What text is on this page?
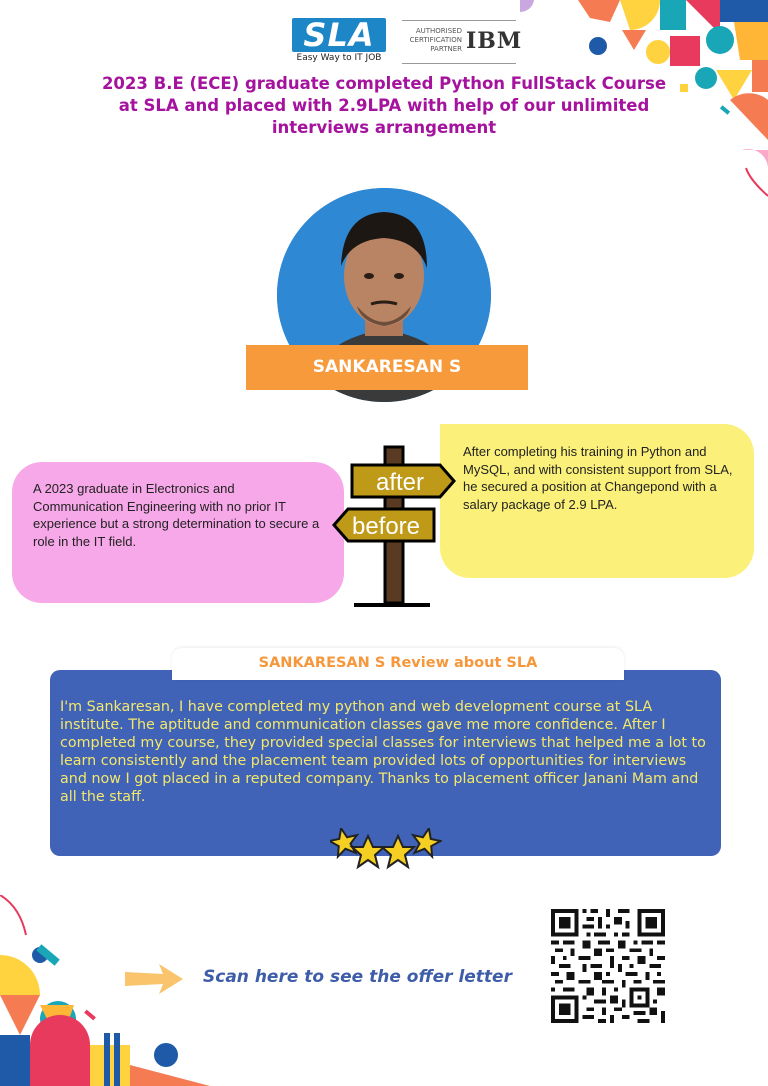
SLA
Easy Way to IT JOB
AUTHORISED
CERTIFICATION
PARTNER IBM
2023 B.E (ECE) graduate completed Python FullStack Course
at SLA and placed with 2.9LPA with help of our unlimited
interviews arrangement
SANKARESAN S
A 2023 graduate in Electronics and Communication Engineering with no prior IT experience but a strong determination to secure a role in the IT field.
After completing his training in Python and MySQL, and with consistent support from SLA, he secured a position at Changepond with a salary package of 2.9 LPA.
after
before
SANKARESAN S Review about SLA
I'm Sankaresan, I have completed my python and web development course at SLA institute. The aptitude and communication classes gave me more confidence. After I completed my course, they provided special classes for interviews that helped me a lot to learn consistently and the placement team provided lots of opportunities for interviews and now I got placed in a reputed company. Thanks to placement officer Janani Mam and all the staff.
Scan here to see the offer letter
